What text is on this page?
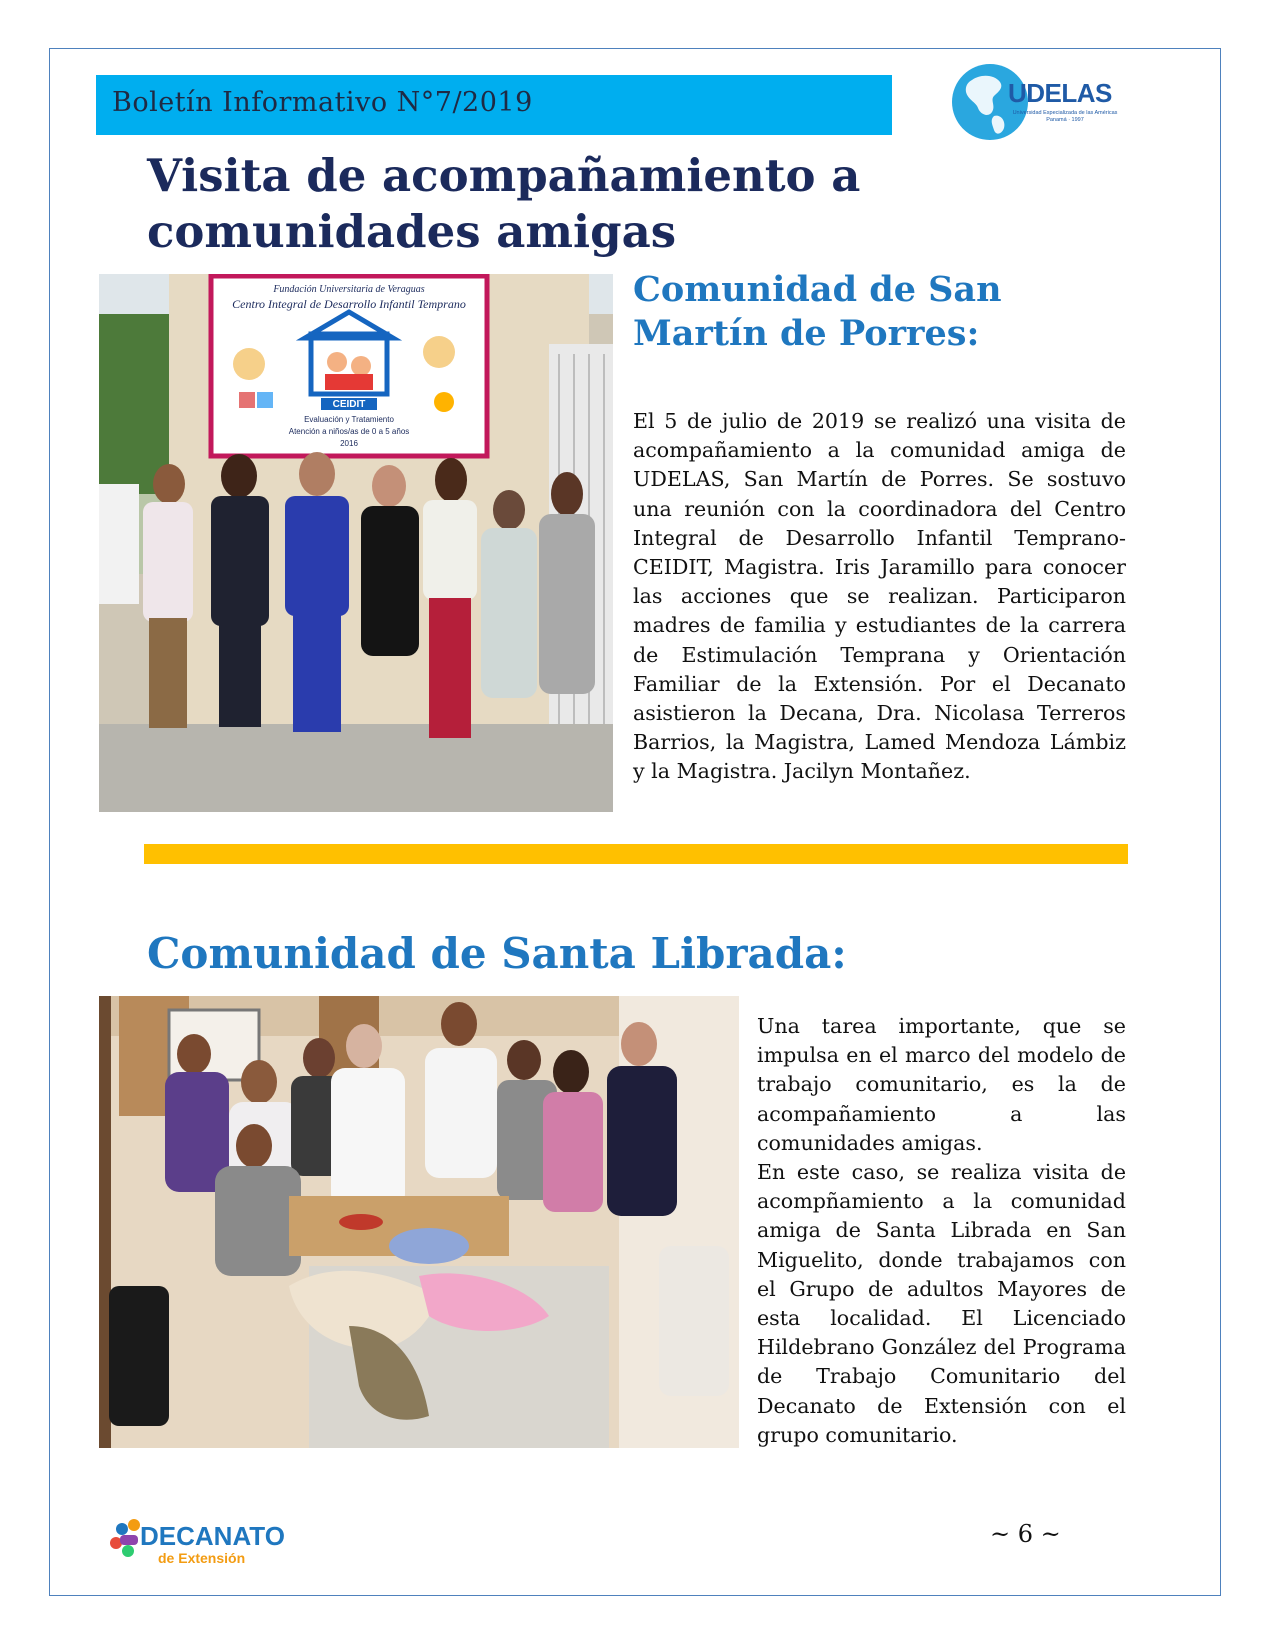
Boletín Informativo N°7/2019	UDELAS
Universidad Especializada de las Américas Panamá · 1997
Visita de acompañamiento a comunidades amigas
Fundación Universitaria de Veraguas
Centro Integral de Desarrollo Infantil Temprano
CEIDIT
Evaluación y Tratamiento
Atención a niños/as de 0 a 5 años
2016
Comunidad de San Martín de Porres:

El 5 de julio de 2019 se realizó una visita de acompañamiento a la comunidad amiga de UDELAS, San Martín de Porres. Se sostuvo una reunión con la coordinadora del Centro Integral de Desarrollo Infantil Temprano-CEIDIT, Magistra. Iris Jaramillo para conocer las acciones que se realizan. Participaron madres de familia y estudiantes de la carrera de Estimulación Temprana y Orientación Familiar de la Extensión. Por el Decanato asistieron la Decana, Dra. Nicolasa Terreros Barrios, la Magistra, Lamed Mendoza Lámbiz y la Magistra. Jacilyn Montañez.

Comunidad de Santa Librada:

Una tarea importante, que se impulsa en el marco del modelo de trabajo comunitario, es la de acompañamiento a las comunidades amigas.

En este caso, se realiza visita de acompñamiento a la comunidad amiga de Santa Librada en San Miguelito, donde trabajamos con el Grupo de adultos Mayores de esta localidad. El Licenciado Hildebrano González del Programa de Trabajo Comunitario del Decanato de Extensión con el grupo comunitario.

DECANATO
de Extensión
~ 6 ~
